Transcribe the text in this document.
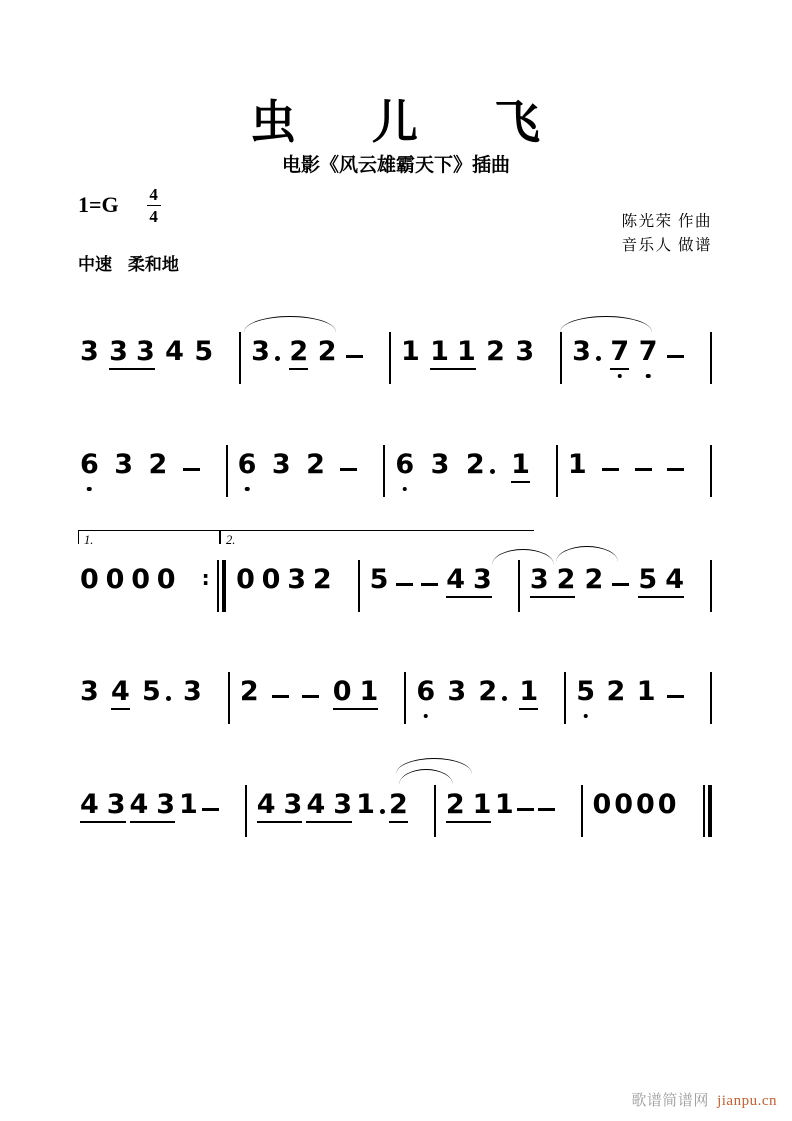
虫 儿 飞
电影《风云雄霸天下》插曲
$1=G \frac{4}{4}$	陈光荣 作曲
音乐人 做谱
中速 柔和地
3 3 3 4 5 3 2 2 1 1 1 2 3 3 7 7
6 3 2	6 3 2	6 3 2 1 1
0 0 0 0 : 0 0 3 2 5 4 3 3 2 2 5 4
3 4 5 3 2	0 1 6 3 2 1 5 2 1
4 3 4 3 1 4 3 4 3 1 2 2 1 1	0 0 0 0
1.	2.
歌谱简谱网 jianpu.cn
